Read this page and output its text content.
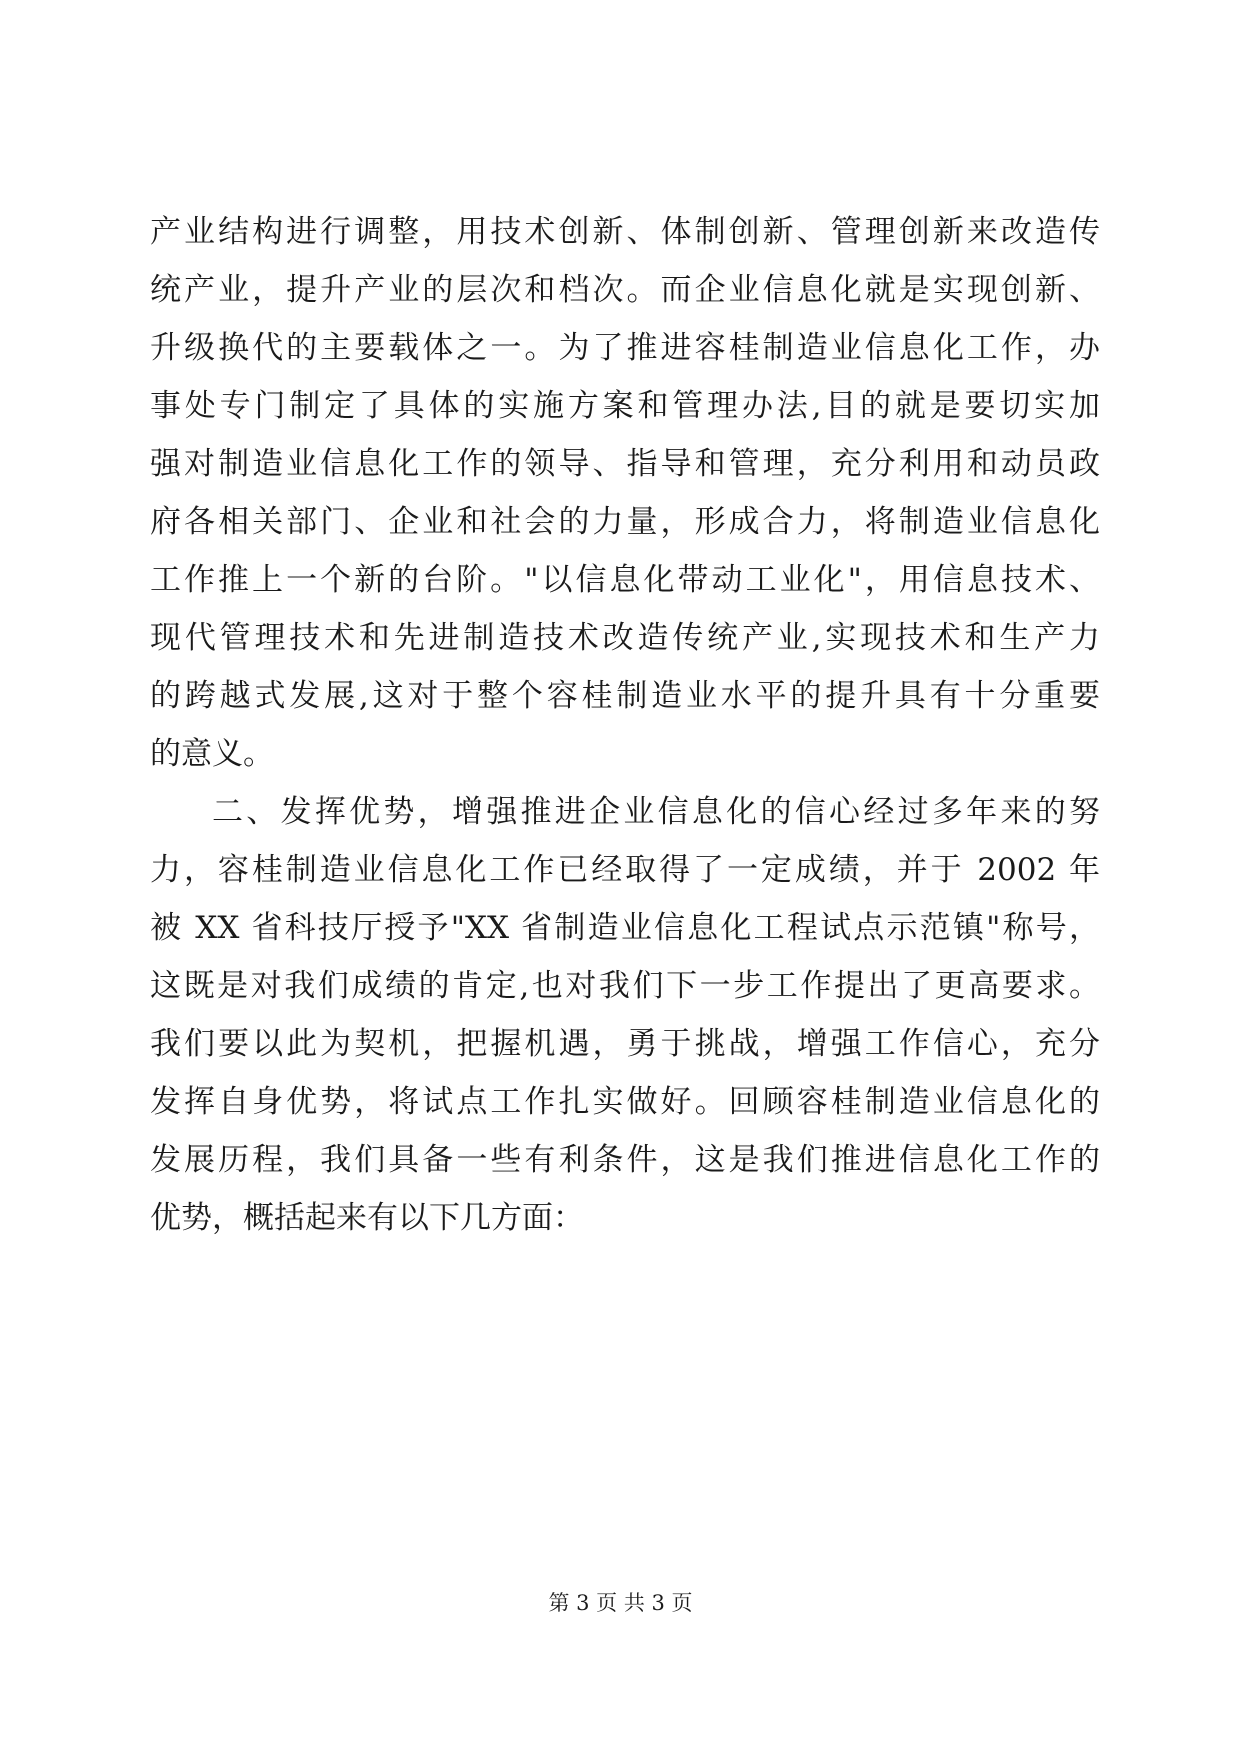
产业结构进行调整，用技术创新、体制创新、管理创新来改造传
统产业，提升产业的层次和档次。而企业信息化就是实现创新、
升级换代的主要载体之一。为了推进容桂制造业信息化工作，办
事处专门制定了具体的实施方案和管理办法,目的就是要切实加
强对制造业信息化工作的领导、指导和管理，充分利用和动员政
府各相关部门、企业和社会的力量，形成合力，将制造业信息化
工作推上一个新的台阶。"以信息化带动工业化"，用信息技术、
现代管理技术和先进制造技术改造传统产业,实现技术和生产力
的跨越式发展,这对于整个容桂制造业水平的提升具有十分重要
的意义。
二、发挥优势，增强推进企业信息化的信心经过多年来的努
力，容桂制造业信息化工作已经取得了一定成绩，并于 2002 年
被 XX 省科技厅授予"XX 省制造业信息化工程试点示范镇"称号，
这既是对我们成绩的肯定,也对我们下一步工作提出了更高要求。
我们要以此为契机，把握机遇，勇于挑战，增强工作信心，充分
发挥自身优势，将试点工作扎实做好。回顾容桂制造业信息化的
发展历程，我们具备一些有利条件，这是我们推进信息化工作的
优势，概括起来有以下几方面：
第 3 页 共 3 页
